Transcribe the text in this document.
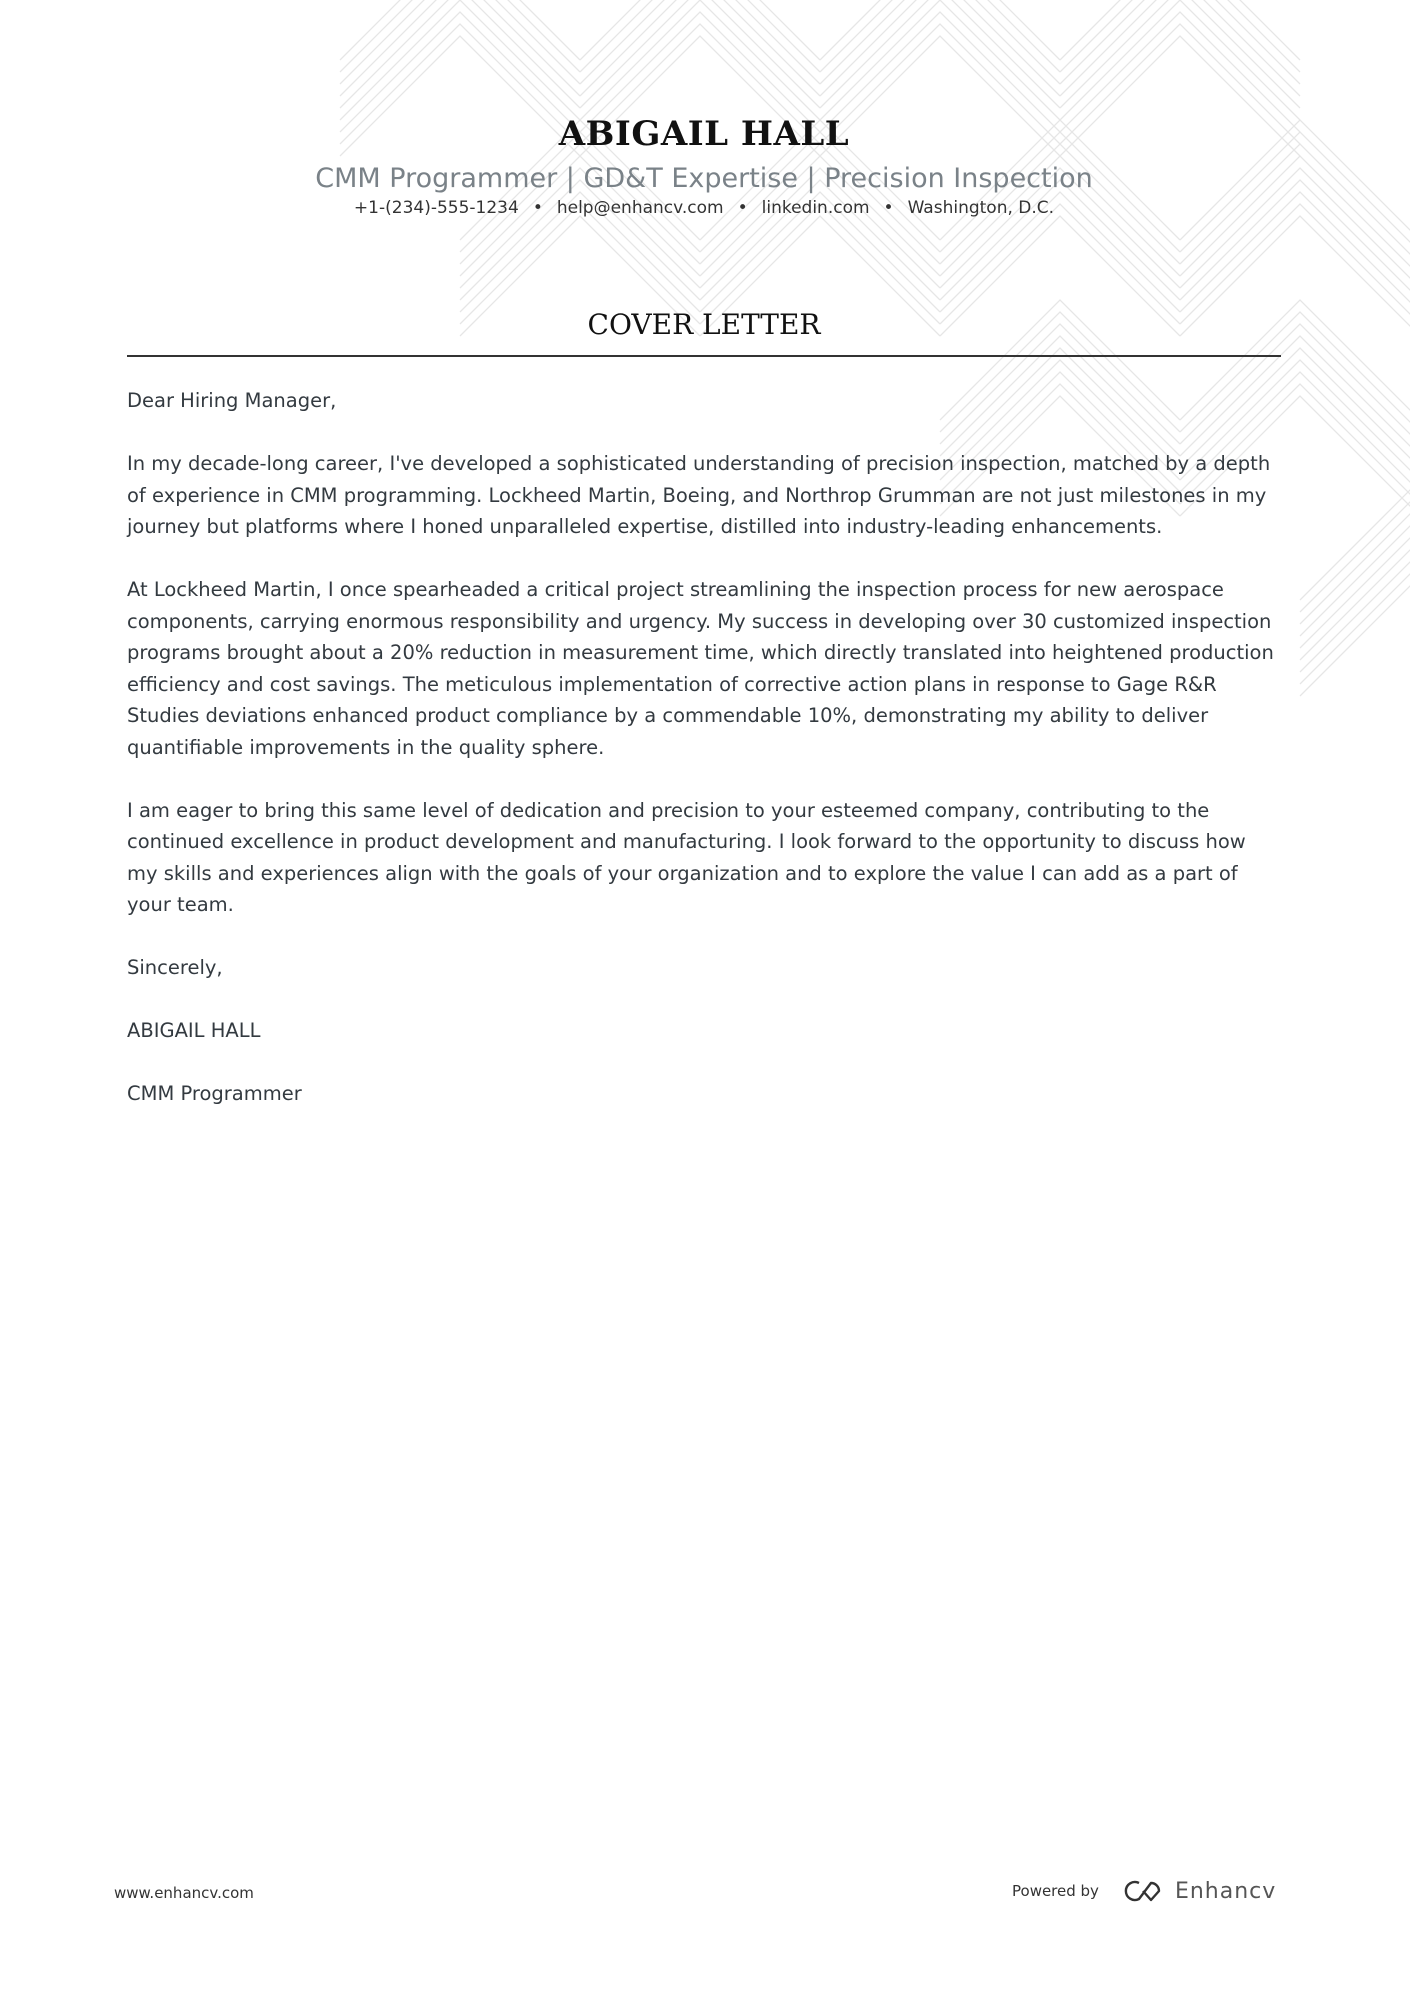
ABIGAIL HALL
CMM Programmer | GD&T Expertise | Precision Inspection
+1-(234)-555-1234 • help@enhancv.com • linkedin.com • Washington, D.C.
COVER LETTER

Dear Hiring Manager,

In my decade-long career, I've developed a sophisticated understanding of precision inspection, matched by a depth of experience in CMM programming. Lockheed Martin, Boeing, and Northrop Grumman are not just milestones in my journey but platforms where I honed unparalleled expertise, distilled into industry-leading enhancements.

At Lockheed Martin, I once spearheaded a critical project streamlining the inspection process for new aerospace components, carrying enormous responsibility and urgency. My success in developing over 30 customized inspection programs brought about a 20% reduction in measurement time, which directly translated into heightened production efficiency and cost savings. The meticulous implementation of corrective action plans in response to Gage R&R Studies deviations enhanced product compliance by a commendable 10%, demonstrating my ability to deliver quantifiable improvements in the quality sphere.

I am eager to bring this same level of dedication and precision to your esteemed company, contributing to the continued excellence in product development and manufacturing. I look forward to the opportunity to discuss how my skills and experiences align with the goals of your organization and to explore the value I can add as a part of your team.

Sincerely,

ABIGAIL HALL

CMM Programmer

www.enhancv.com	Powered by	Enhancv
